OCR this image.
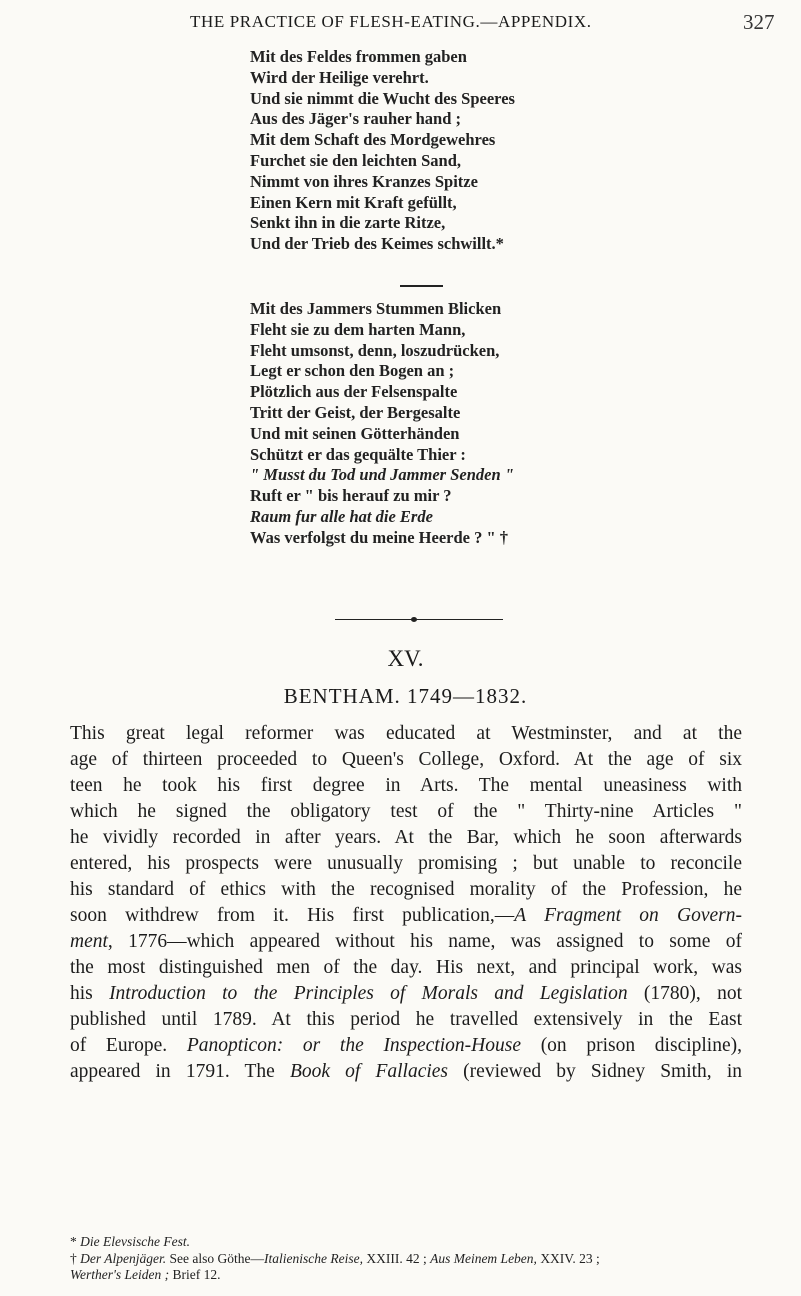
THE PRACTICE OF FLESH-EATING.—APPENDIX.	327
Mit des Feldes frommen gaben
Wird der Heilige verehrt.
Und sie nimmt die Wucht des Speeres
Aus des Jäger's rauher hand ;
Mit dem Schaft des Mordgewehres
Furchet sie den leichten Sand,
Nimmt von ihres Kranzes Spitze
Einen Kern mit Kraft gefüllt,
Senkt ihn in die zarte Ritze,
Und der Trieb des Keimes schwillt.*
Mit des Jammers Stummen Blicken
Fleht sie zu dem harten Mann,
Fleht umsonst, denn, loszudrücken,
Legt er schon den Bogen an ;
Plötzlich aus der Felsenspalte
Tritt der Geist, der Bergesalte
Und mit seinen Götterhänden
Schützt er das gequälte Thier :
" Musst du Tod und Jammer Senden "
Ruft er " bis herauf zu mir ?
Raum fur alle hat die Erde
Was verfolgst du meine Heerde ? " †
XV.
BENTHAM. 1749—1832.
This great legal reformer was educated at Westminster, and at the
age of thirteen proceeded to Queen's College, Oxford. At the age of six
teen he took his first degree in Arts. The mental uneasiness with
which he signed the obligatory test of the " Thirty-nine Articles "
he vividly recorded in after years. At the Bar, which he soon afterwards
entered, his prospects were unusually promising ; but unable to reconcile
his standard of ethics with the recognised morality of the Profession, he
soon withdrew from it. His first publication,—A Fragment on Govern-
ment, 1776—which appeared without his name, was assigned to some of
the most distinguished men of the day. His next, and principal work, was
his Introduction to the Principles of Morals and Legislation (1780), not
published until 1789. At this period he travelled extensively in the East
of Europe. Panopticon: or the Inspection-House (on prison discipline),
appeared in 1791. The Book of Fallacies (reviewed by Sidney Smith, in
* Die Elevsische Fest.
† Der Alpenjäger. See also Göthe—Italienische Reise, XXIII. 42 ; Aus Meinem Leben, XXIV. 23 ;
Werther's Leiden ; Brief 12.
